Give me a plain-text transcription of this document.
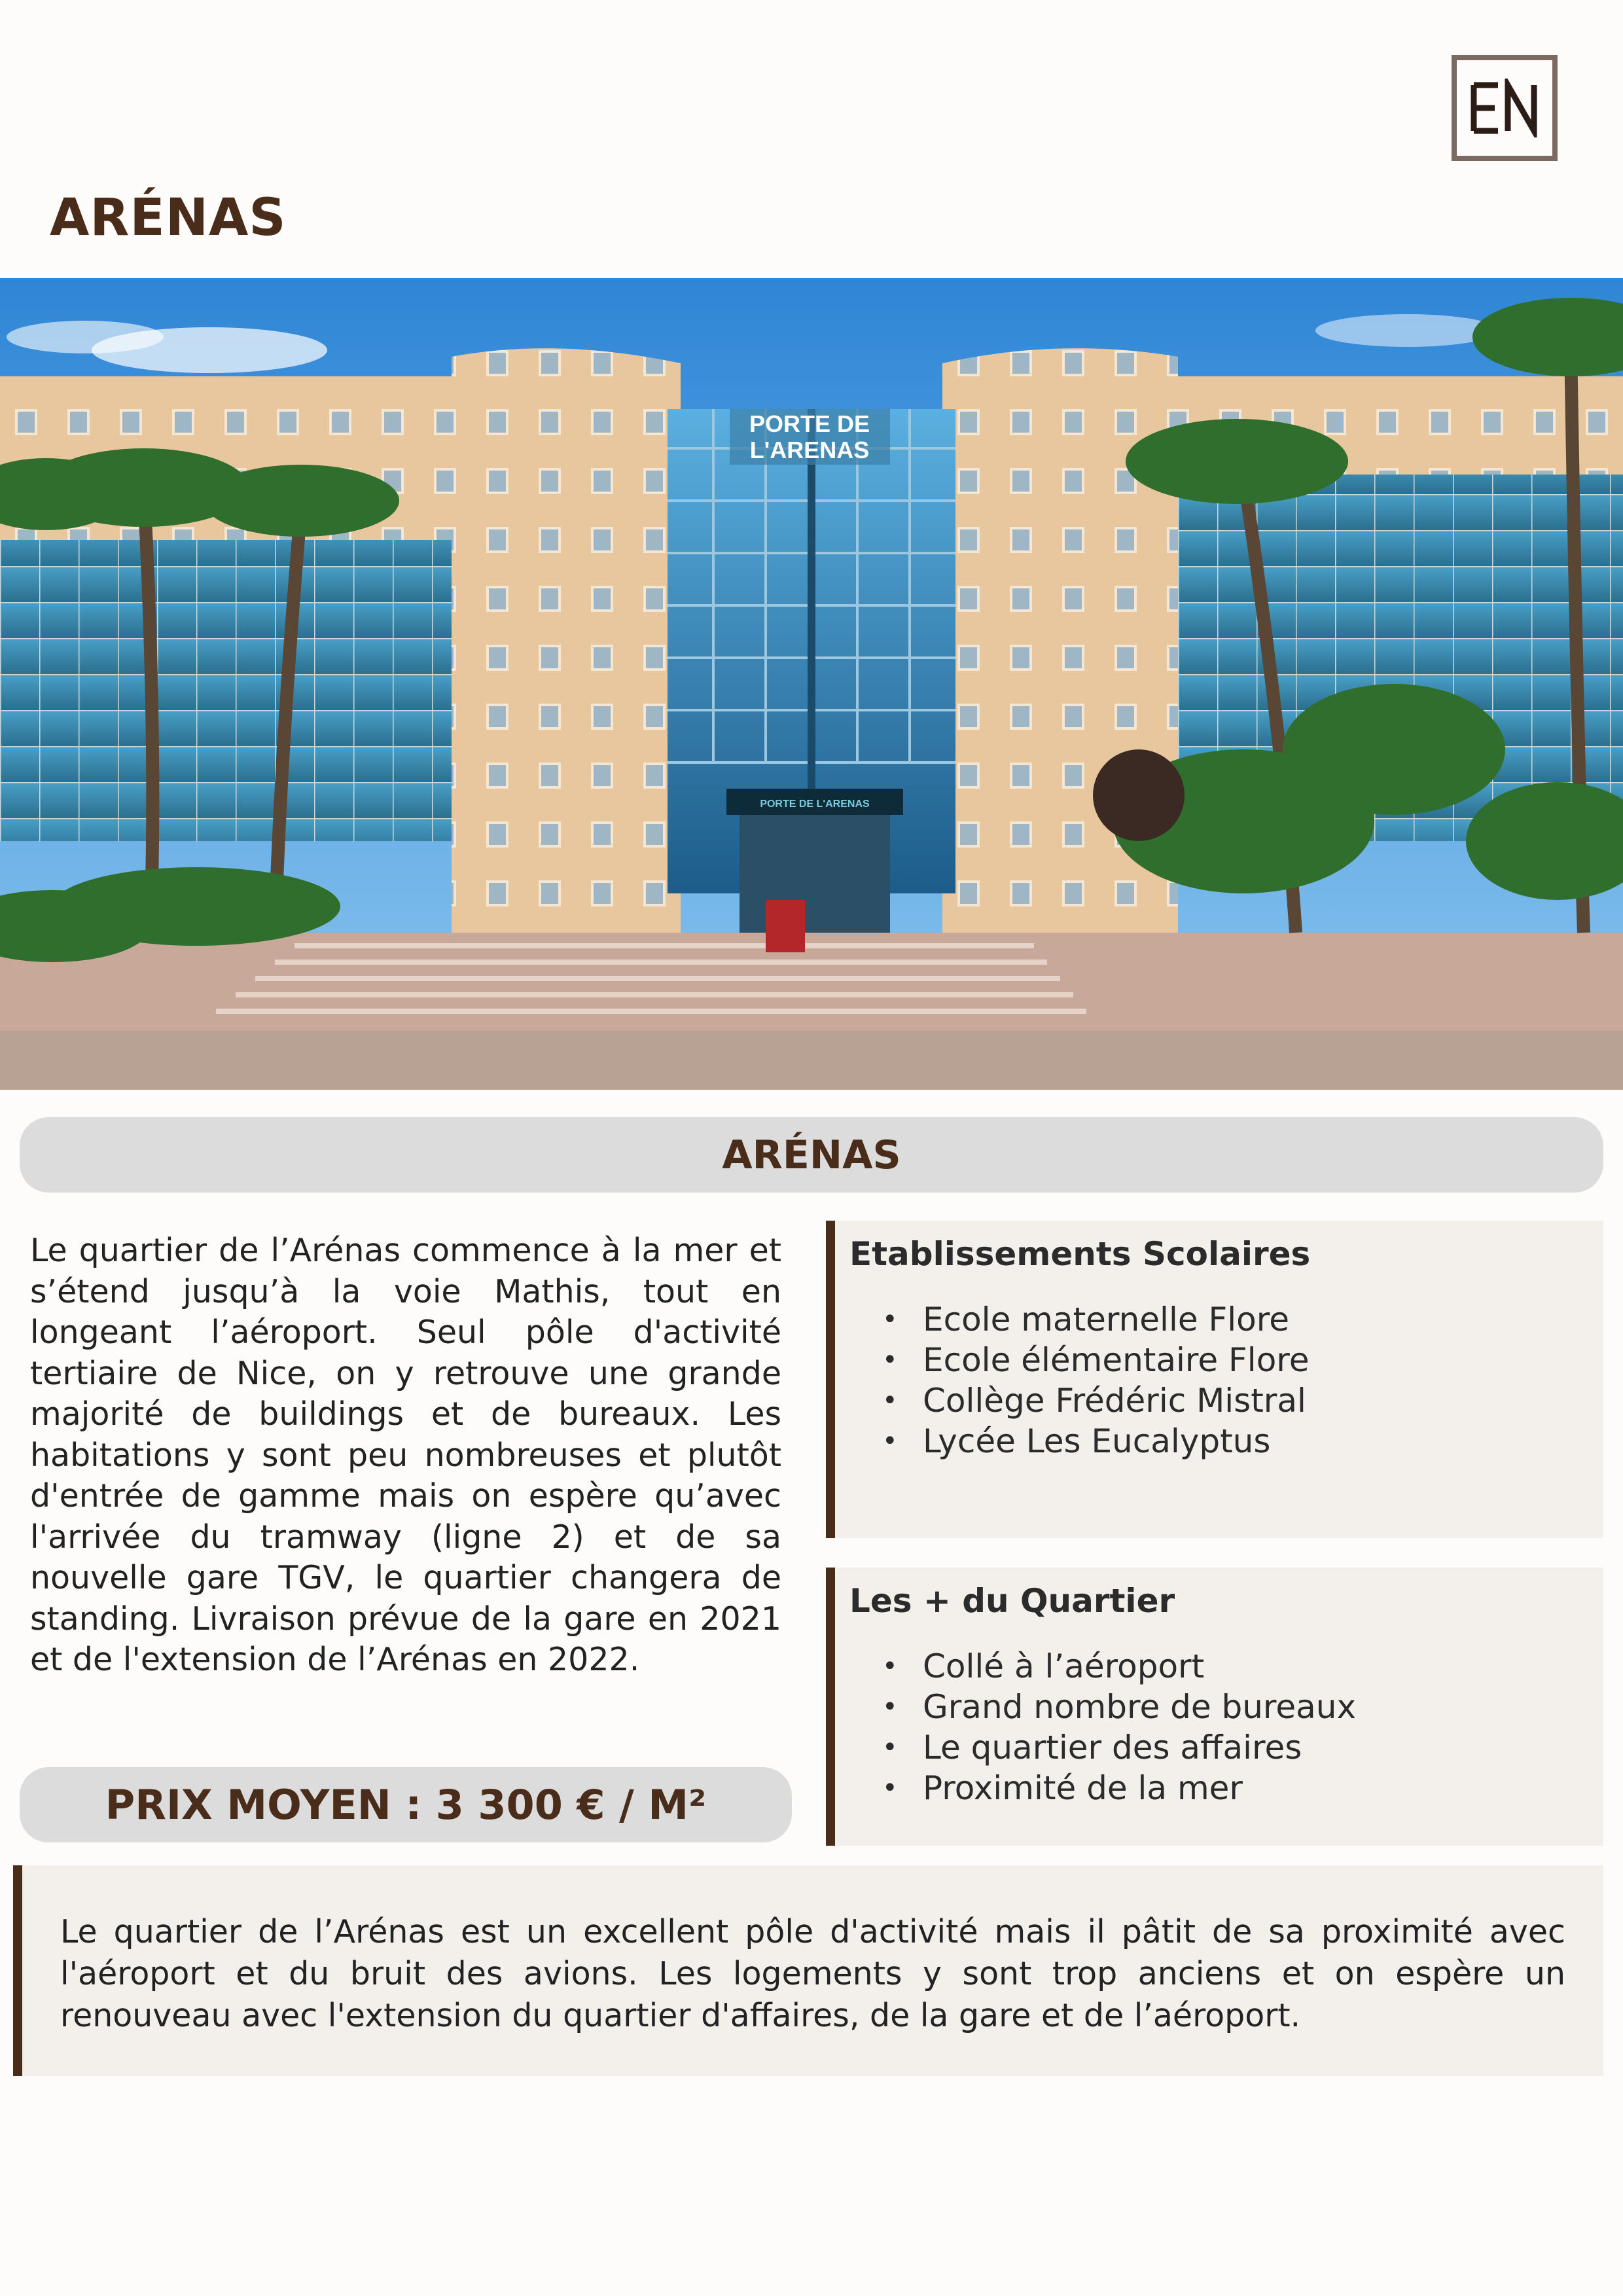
ARÉNAS
PORTE DE
L'ARENAS
PORTE DE L'ARENAS
ARÉNAS

Le quartier de l’Arénas commence à la mer et s’étend jusqu’à la voie Mathis, tout en longeant l’aéroport. Seul pôle d'activité tertiaire de Nice, on y retrouve une grande majorité de buildings et de bureaux. Les habitations y sont peu nombreuses et plutôt d'entrée de gamme mais on espère qu’avec l'arrivée du tramway (ligne 2) et de sa nouvelle gare TGV, le quartier changera de standing. Livraison prévue de la gare en 2021 et de l'extension de l’Arénas en 2022.

PRIX MOYEN : 3 300 € / M²
Etablissements Scolaires
• Ecole maternelle Flore
• Ecole élémentaire Flore
• Collège Frédéric Mistral
• Lycée Les Eucalyptus
Les + du Quartier
• Collé à l’aéroport
• Grand nombre de bureaux
• Le quartier des affaires
• Proximité de la mer

Le quartier de l’Arénas est un excellent pôle d'activité mais il pâtit de sa proximité avec l'aéroport et du bruit des avions. Les logements y sont trop anciens et on espère un renouveau avec l'extension du quartier d'affaires, de la gare et de l’aéroport.
